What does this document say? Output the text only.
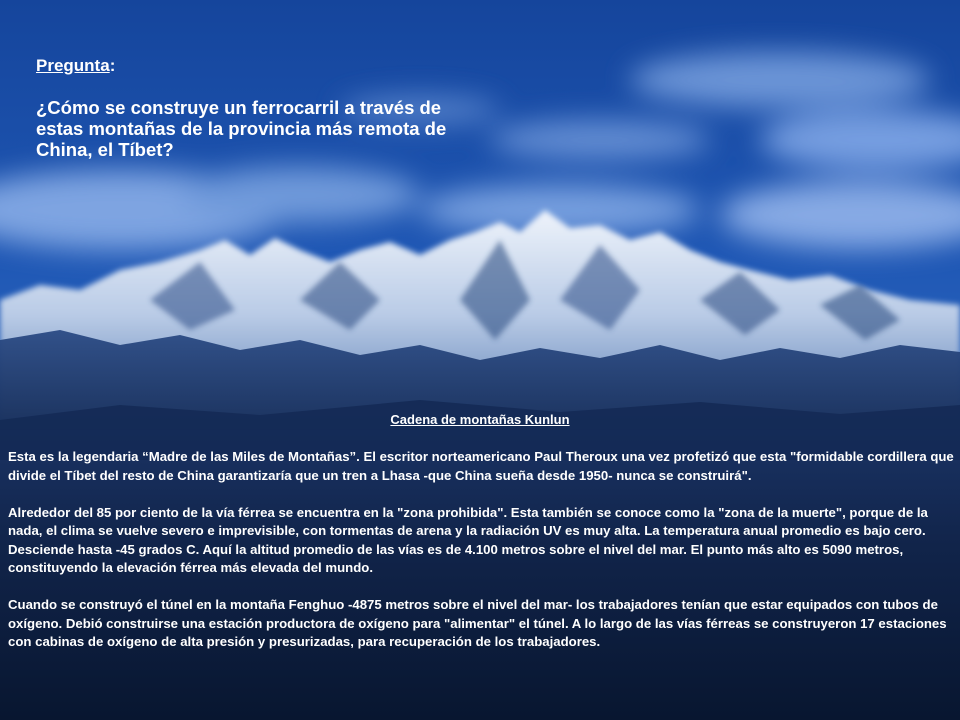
Pregunta:
¿Cómo se construye un ferrocarril a través de estas montañas de la provincia más remota de China, el Tíbet?
Cadena de montañas Kunlun

Esta es la legendaria “Madre de las Miles de Montañas”. El escritor norteamericano Paul Theroux una vez profetizó que esta "formidable cordillera que divide el Tíbet del resto de China garantizaría que un tren a Lhasa -que China sueña desde 1950- nunca se construirá".

Alrededor del 85 por ciento de la vía férrea se encuentra en la "zona prohibida". Esta también se conoce como la "zona de la muerte", porque de la nada, el clima se vuelve severo e imprevisible, con tormentas de arena y la radiación UV es muy alta. La temperatura anual promedio es bajo cero. Desciende hasta -45 grados C. Aquí la altitud promedio de las vías es de 4.100 metros sobre el nivel del mar. El punto más alto es 5090 metros, constituyendo la elevación férrea más elevada del mundo.

Cuando se construyó el túnel en la montaña Fenghuo -4875 metros sobre el nivel del mar- los trabajadores tenían que estar equipados con tubos de oxígeno. Debió construirse una estación productora de oxígeno para "alimentar" el túnel. A lo largo de las vías férreas se construyeron 17 estaciones con cabinas de oxígeno de alta presión y presurizadas, para recuperación de los trabajadores.
